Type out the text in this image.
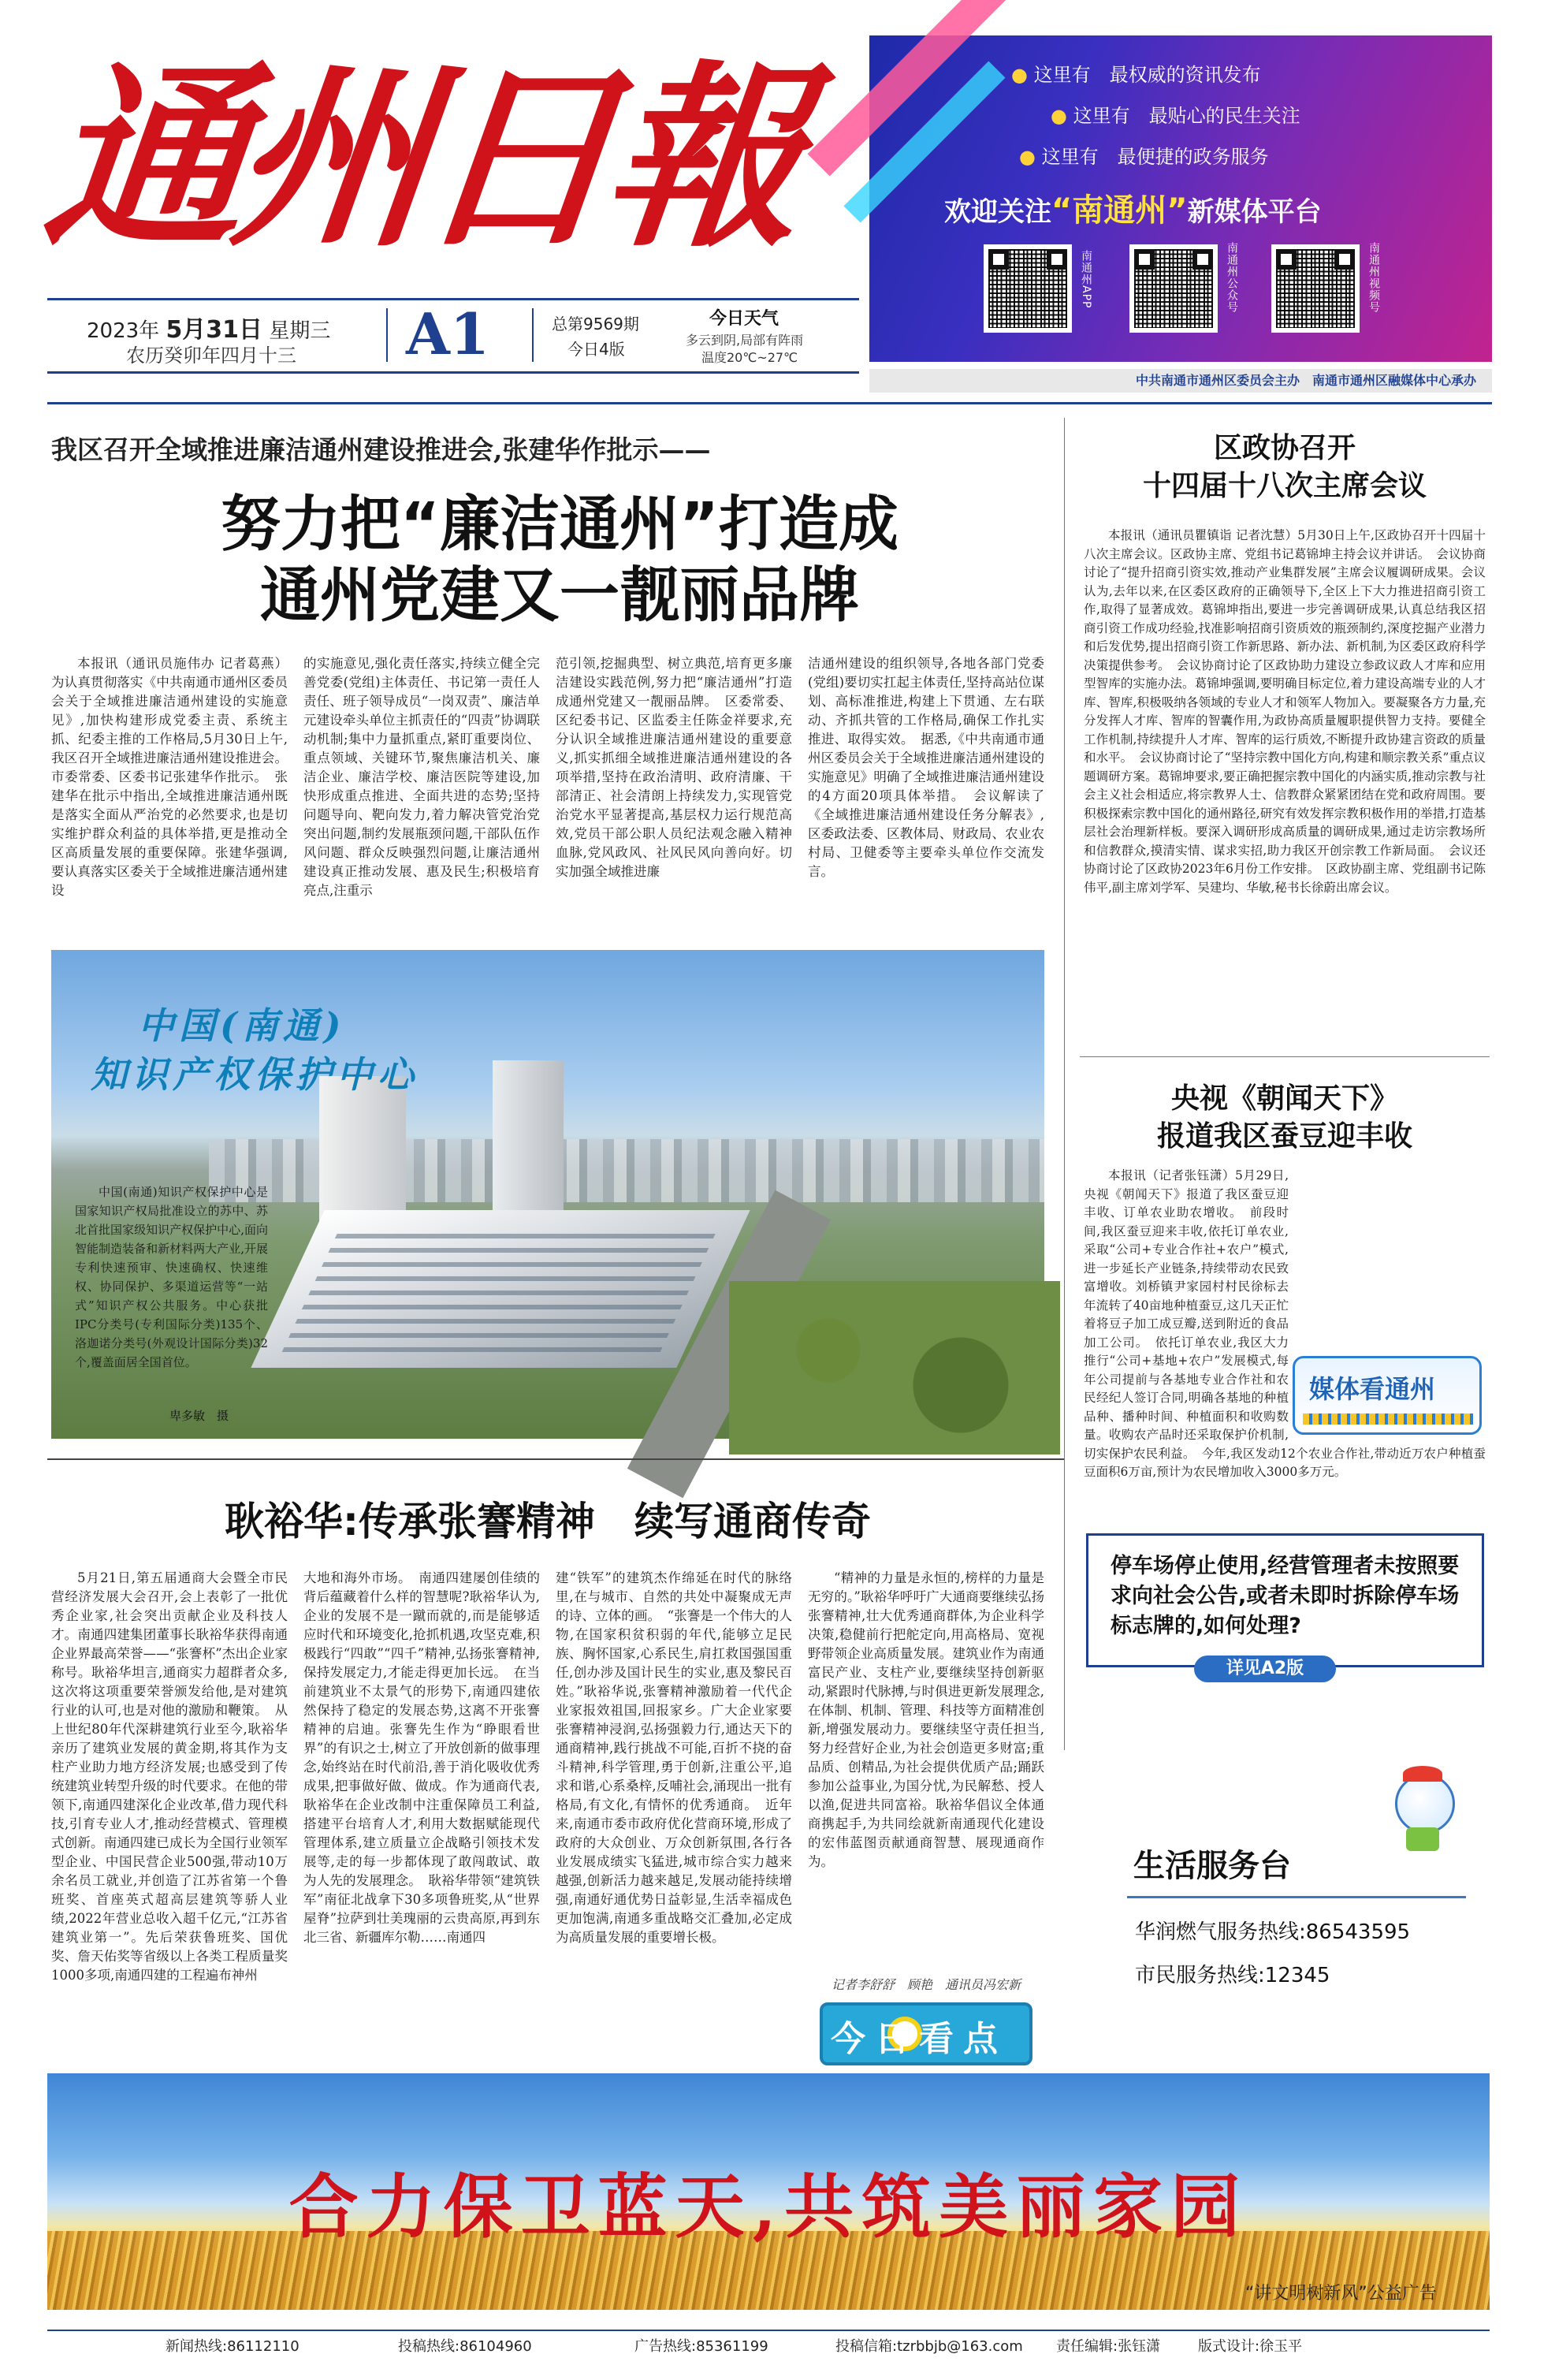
通州日報
2023年 5月31日 星期三
农历癸卯年四月十三 A1	总第9569期
今日4版
今日天气
多云到阴,局部有阵雨
温度20℃~27℃
● 这里有　最权威的资讯发布
● 这里有　最贴心的民生关注
● 这里有　最便捷的政务服务
欢迎关注“南通州”新媒体平台
南通州APP	南通州公众号	南通州视频号
中共南通市通州区委员会主办　南通市通州区融媒体中心承办
我区召开全域推进廉洁通州建设推进会,张建华作批示——
努力把“廉洁通州”打造成
通州党建又一靓丽品牌

本报讯（通讯员施伟办 记者葛燕）为认真贯彻落实《中共南通市通州区委员会关于全域推进廉洁通州建设的实施意见》,加快构建形成党委主责、系统主抓、纪委主推的工作格局,5月30日上午,我区召开全域推进廉洁通州建设推进会。市委常委、区委书记张建华作批示。　张建华在批示中指出,全域推进廉洁通州既是落实全面从严治党的必然要求,也是切实维护群众利益的具体举措,更是推动全区高质量发展的重要保障。张建华强调,要认真落实区委关于全域推进廉洁通州建设

的实施意见,强化责任落实,持续立健全完善党委(党组)主体责任、书记第一责任人责任、班子领导成员“一岗双责”、廉洁单元建设牵头单位主抓责任的“四责”协调联动机制;集中力量抓重点,紧盯重要岗位、重点领域、关键环节,聚焦廉洁机关、廉洁企业、廉洁学校、廉洁医院等建设,加快形成重点推进、全面共进的态势;坚持问题导向、靶向发力,着力解决管党治党突出问题,制约发展瓶颈问题,干部队伍作风问题、群众反映强烈问题,让廉洁通州建设真正推动发展、惠及民生;积极培育亮点,注重示

范引领,挖掘典型、树立典范,培育更多廉洁建设实践范例,努力把“廉洁通州”打造成通州党建又一靓丽品牌。　区委常委、区纪委书记、区监委主任陈金祥要求,充分认识全域推进廉洁通州建设的重要意义,抓实抓细全域推进廉洁通州建设的各项举措,坚持在政治清明、政府清廉、干部清正、社会清朗上持续发力,实现管党治党水平显著提高,基层权力运行规范高效,党员干部公职人员纪法观念融入精神血脉,党风政风、社风民风向善向好。切实加强全域推进廉

洁通州建设的组织领导,各地各部门党委(党组)要切实扛起主体责任,坚持高站位谋划、高标准推进,构建上下贯通、左右联动、齐抓共管的工作格局,确保工作扎实推进、取得实效。　据悉,《中共南通市通州区委员会关于全域推进廉洁通州建设的实施意见》明确了全域推进廉洁通州建设的4方面20项具体举措。　会议解读了《全域推进廉洁通州建设任务分解表》,区委政法委、区教体局、财政局、农业农村局、卫健委等主要牵头单位作交流发言。

中国(南通)
知识产权保护中心
中国(南通)知识产权保护中心是国家知识产权局批准设立的苏中、苏北首批国家级知识产权保护中心,面向智能制造装备和新材料两大产业,开展专利快速预审、快速确权、快速维权、协同保护、多渠道运营等“一站式”知识产权公共服务。中心获批IPC分类号(专利国际分类)135个、洛迦诺分类号(外观设计国际分类)32个,覆盖面居全国首位。
卑多敏　摄
区政协召开
十四届十八次主席会议

本报讯（通讯员瞿镇诣 记者沈慧）5月30日上午,区政协召开十四届十八次主席会议。区政协主席、党组书记葛锦坤主持会议并讲话。　会议协商讨论了“提升招商引资实效,推动产业集群发展”主席会议履调研成果。会议认为,去年以来,在区委区政府的正确领导下,全区上下大力推进招商引资工作,取得了显著成效。葛锦坤指出,要进一步完善调研成果,认真总结我区招商引资工作成功经验,找准影响招商引资质效的瓶颈制约,深度挖掘产业潜力和后发优势,提出招商引资工作新思路、新办法、新机制,为区委区政府科学决策提供参考。　会议协商讨论了区政协助力建设立参政议政人才库和应用型智库的实施办法。葛锦坤强调,要明确目标定位,着力建设高端专业的人才库、智库,积极吸纳各领域的专业人才和领军人物加入。要凝聚各方力量,充分发挥人才库、智库的智囊作用,为政协高质量履职提供智力支持。要健全工作机制,持续提升人才库、智库的运行质效,不断提升政协建言资政的质量和水平。　会议协商讨论了“坚持宗教中国化方向,构建和顺宗教关系”重点议题调研方案。葛锦坤要求,要正确把握宗教中国化的内涵实质,推动宗教与社会主义社会相适应,将宗教界人士、信教群众紧紧团结在党和政府周围。要积极探索宗教中国化的通州路径,研究有效发挥宗教积极作用的举措,打造基层社会治理新样板。要深入调研形成高质量的调研成果,通过走访宗教场所和信教群众,摸清实情、谋求实招,助力我区开创宗教工作新局面。　会议还协商讨论了区政协2023年6月份工作安排。　区政协副主席、党组副书记陈伟平,副主席刘学军、吴建均、华敏,秘书长徐蔚出席会议。

央视《朝闻天下》
报道我区蚕豆迎丰收

本报讯（记者张钰潇）5月29日,央视《朝闻天下》报道了我区蚕豆迎丰收、订单农业助农增收。　前段时间,我区蚕豆迎来丰收,依托订单农业,采取“公司+专业合作社+农户”模式,进一步延长产业链条,持续带动农民致富增收。刘桥镇尹家园村村民徐标去年流转了40亩地种植蚕豆,这几天正忙着将豆子加工成豆瓣,送到附近的食品加工公司。　依托订单农业,我区大力推行“公司+基地+农户”发展模式,每年公司提前与各基地专业合作社和农民经纪人签订合同,明确各基地的种植品种、播种时间、种植面积和收购数量。收购农产品时还采取保护价机制,切实保护农民利益。　今年,我区发动12个农业合作社,带动近万农户种植蚕豆面积6万亩,预计为农民增加收入3000多万元。

媒体看通州
耿裕华:传承张謇精神　续写通商传奇

5月21日,第五届通商大会暨全市民营经济发展大会召开,会上表彰了一批优秀企业家,社会突出贡献企业及科技人才。南通四建集团董事长耿裕华获得南通企业界最高荣誉——“张謇杯”杰出企业家称号。耿裕华坦言,通商实力超群者众多,这次将这项重要荣誉颁发给他,是对建筑行业的认可,也是对他的激励和鞭策。　从上世纪80年代深耕建筑行业至今,耿裕华亲历了建筑业发展的黄金期,将其作为支柱产业助力地方经济发展;也感受到了传统建筑业转型升级的时代要求。在他的带领下,南通四建深化企业改革,借力现代科技,引育专业人才,推动经营模式、管理模式创新。南通四建已成长为全国行业领军型企业、中国民营企业500强,带动10万余名员工就业,并创造了江苏省第一个鲁班奖、首座英式超高层建筑等骄人业绩,2022年营业总收入超千亿元,“江苏省建筑业第一”。先后荣获鲁班奖、国优奖、詹天佑奖等省级以上各类工程质量奖1000多项,南通四建的工程遍布神州

大地和海外市场。　南通四建屡创佳绩的背后蕴藏着什么样的智慧呢?耿裕华认为,企业的发展不是一蹴而就的,而是能够适应时代和环境变化,抢抓机遇,攻坚克难,积极践行“四敢”“四千”精神,弘扬张謇精神,保持发展定力,才能走得更加长远。　在当前建筑业不太景气的形势下,南通四建依然保持了稳定的发展态势,这离不开张謇精神的启迪。张謇先生作为“睁眼看世界”的有识之士,树立了开放创新的做事理念,始终站在时代前沿,善于消化吸收优秀成果,把事做好做、做成。作为通商代表,耿裕华在企业改制中注重保障员工利益,搭建平台培育人才,利用大数据赋能现代管理体系,建立质量立企战略引领技术发展等,走的每一步都体现了敢闯敢试、敢为人先的发展理念。　耿裕华带领“建筑铁军”南征北战拿下30多项鲁班奖,从“世界屋脊”拉萨到壮美瑰丽的云贵高原,再到东北三省、新疆库尔勒……南通四

建“铁军”的建筑杰作绵延在时代的脉络里,在与城市、自然的共处中凝聚成无声的诗、立体的画。　“张謇是一个伟大的人物,在国家积贫积弱的年代,能够立足民族、胸怀国家,心系民生,肩扛救国强国重任,创办涉及国计民生的实业,惠及黎民百姓。”耿裕华说,张謇精神激励着一代代企业家报效祖国,回报家乡。广大企业家要张謇精神浸润,弘扬强毅力行,通达天下的通商精神,践行挑战不可能,百折不挠的奋斗精神,科学管理,勇于创新,注重公平,追求和谐,心系桑梓,反哺社会,涌现出一批有格局,有文化,有情怀的优秀通商。　近年来,南通市委市政府优化营商环境,形成了政府的大众创业、万众创新氛围,各行各业发展成绩实飞猛进,城市综合实力越来越强,创新活力越来越足,发展动能持续增强,南通好通优势日益彰显,生活幸福成色更加饱满,南通多重战略交汇叠加,必定成为高质量发展的重要增长极。

“精神的力量是永恒的,榜样的力量是无穷的。”耿裕华呼吁广大通商要继续弘扬张謇精神,壮大优秀通商群体,为企业科学决策,稳健前行把舵定向,用高格局、宽视野带领企业高质量发展。建筑业作为南通富民产业、支柱产业,要继续坚持创新驱动,紧跟时代脉搏,与时俱进更新发展理念,在体制、机制、管理、科技等方面精准创新,增强发展动力。要继续坚守责任担当,努力经营好企业,为社会创造更多财富;重品质、创精品,为社会提供优质产品;踊跃参加公益事业,为国分忧,为民解愁、授人以渔,促进共同富裕。耿裕华倡议全体通商携起手,为共同绘就新南通现代化建设的宏伟蓝图贡献通商智慧、展现通商作为。

记者李舒舒　顾艳　通讯员冯宏新
今日看点
停车场停止使用,经营管理者未按照要求向社会公告,或者未即时拆除停车场标志牌的,如何处理?
详见A2版
生活服务台
华润燃气服务热线:86543595
市民服务热线:12345
合力保卫蓝天,共筑美丽家园
“讲文明树新风”公益广告
新闻热线:86112110	投稿热线:86104960	广告热线:85361199	投稿信箱:tzrbbjb@163.com 责任编辑:张钰潇	版式设计:徐玉平
